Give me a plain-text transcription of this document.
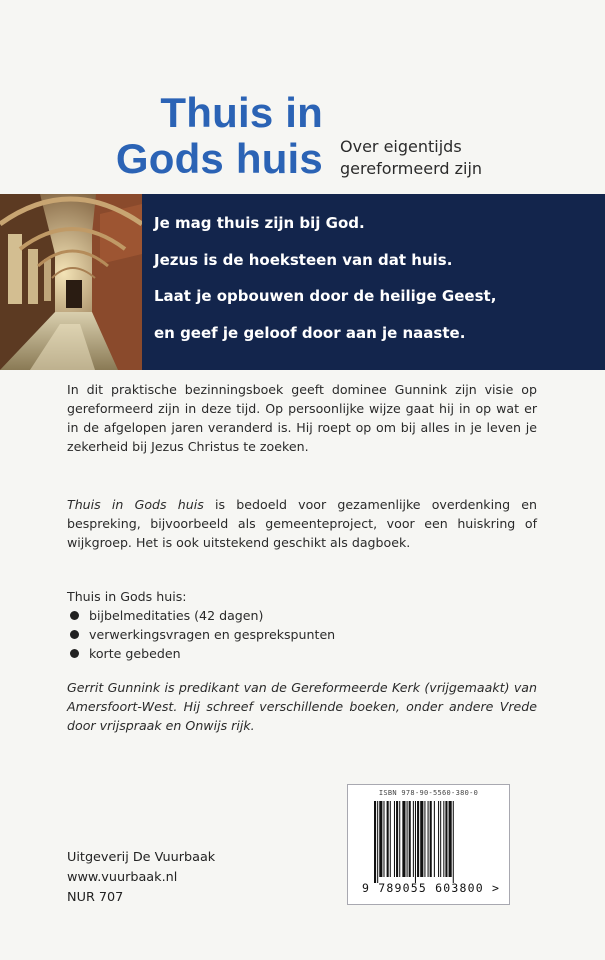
Thuis in
Gods huis Over eigentijds
gereformeerd zijn
Je mag thuis zijn bij God.
Jezus is de hoeksteen van dat huis.
Laat je opbouwen door de heilige Geest,
en geef je geloof door aan je naaste.
In dit praktische bezinningsboek geeft dominee Gunnink zijn visie op gereformeerd zijn in deze tijd. Op persoonlijke wijze gaat hij in op wat er in de afgelopen jaren veranderd is. Hij roept op om bij alles in je leven je zekerheid bij Jezus Christus te zoeken.
Thuis in Gods huis is bedoeld voor gezamenlijke overdenking en bespreking, bijvoorbeeld als gemeenteproject, voor een huiskring of wijkgroep. Het is ook uitstekend geschikt als dagboek.
Thuis in Gods huis:
bijbelmeditaties (42 dagen)
verwerkingsvragen en gesprekspunten
korte gebeden
Gerrit Gunnink is predikant van de Gereformeerde Kerk (vrijgemaakt) van Amersfoort-West. Hij schreef verschillende boeken, onder andere Vrede door vrijspraak en Onwijs rijk.
Uitgeverij De Vuurbaak
www.vuurbaak.nl
NUR 707
ISBN 978-90-5560-380-0
9 789055 603800 >
